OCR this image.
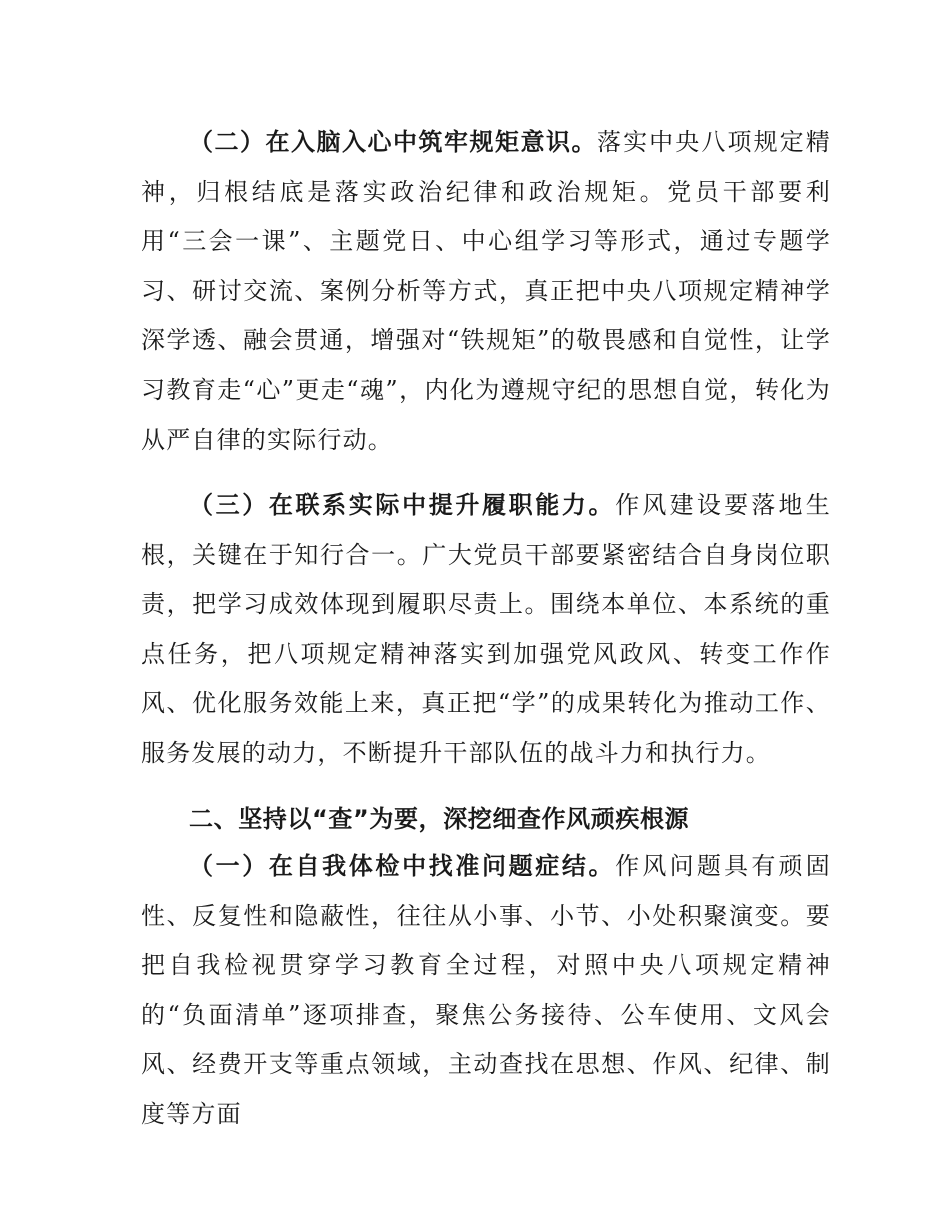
（二）在入脑入心中筑牢规矩意识。落实中央八项规定精神，归根结底是落实政治纪律和政治规矩。党员干部要利用“三会一课”、主题党日、中心组学习等形式，通过专题学习、研讨交流、案例分析等方式，真正把中央八项规定精神学深学透、融会贯通，增强对“铁规矩”的敬畏感和自觉性，让学习教育走“心”更走“魂”，内化为遵规守纪的思想自觉，转化为从严自律的实际行动。

（三）在联系实际中提升履职能力。作风建设要落地生根，关键在于知行合一。广大党员干部要紧密结合自身岗位职责，把学习成效体现到履职尽责上。围绕本单位、本系统的重点任务，把八项规定精神落实到加强党风政风、转变工作作风、优化服务效能上来，真正把“学”的成果转化为推动工作、服务发展的动力，不断提升干部队伍的战斗力和执行力。

二、坚持以“查”为要，深挖细查作风顽疾根源

（一）在自我体检中找准问题症结。作风问题具有顽固性、反复性和隐蔽性，往往从小事、小节、小处积聚演变。要把自我检视贯穿学习教育全过程，对照中央八项规定精神的“负面清单”逐项排查，聚焦公务接待、公车使用、文风会风、经费开支等重点领域，主动查找在思想、作风、纪律、制度等方面
